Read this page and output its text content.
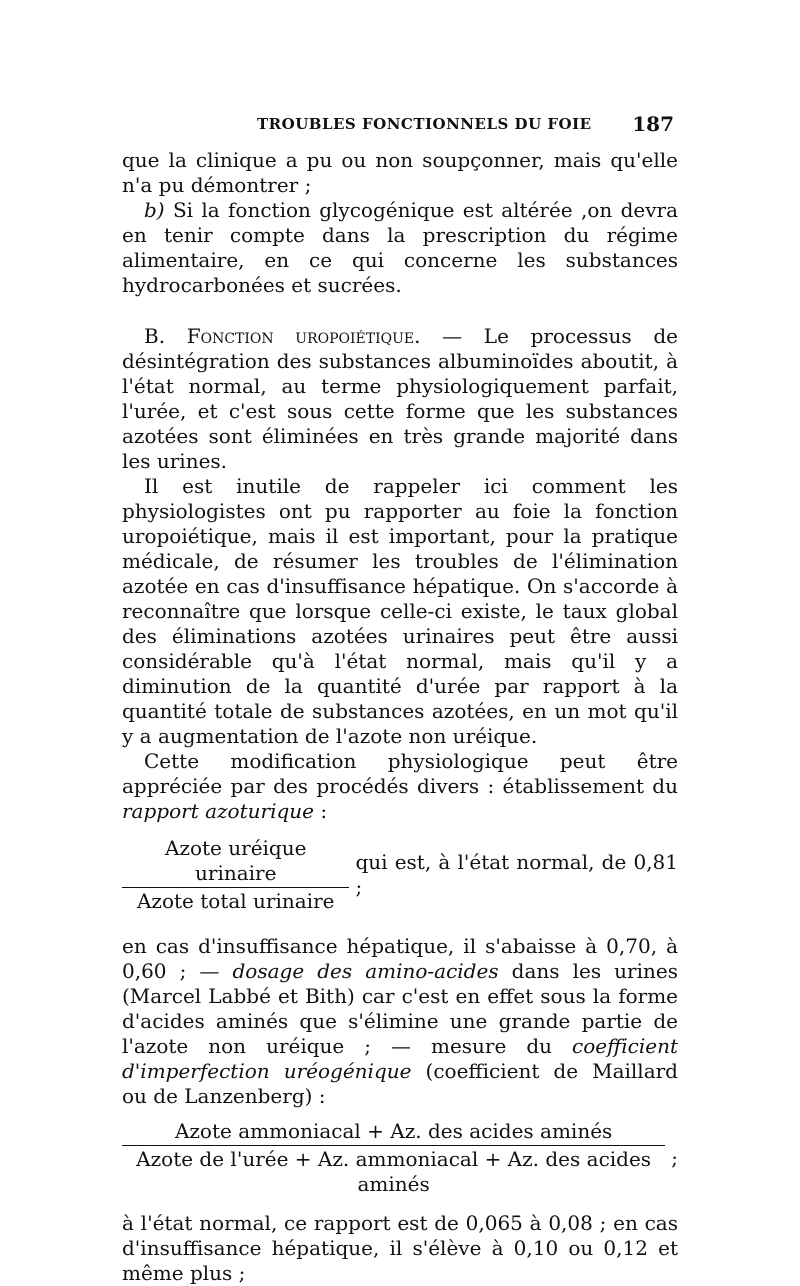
TROUBLES FONCTIONNELS DU FOIE 187

que la clinique a pu ou non soupçonner, mais qu'elle n'a pu démontrer ;

b) Si la fonction glycogénique est altérée ,on devra en tenir compte dans la prescription du régime alimentaire, en ce qui concerne les substances hydrocarbonées et sucrées.

B. Fonction uropoiétique. — Le processus de désintégration des substances albuminoïdes aboutit, à l'état normal, au terme physiologiquement parfait, l'urée, et c'est sous cette forme que les substances azotées sont éliminées en très grande majorité dans les urines.

Il est inutile de rappeler ici comment les physiologistes ont pu rapporter au foie la fonction uropoiétique, mais il est important, pour la pratique médicale, de résumer les troubles de l'élimination azotée en cas d'insuffisance hépatique. On s'accorde à reconnaître que lorsque celle-ci existe, le taux global des éliminations azotées urinaires peut être aussi considérable qu'à l'état normal, mais qu'il y a diminution de la quantité d'urée par rapport à la quantité totale de substances azotées, en un mot qu'il y a augmentation de l'azote non uréique.

Cette modification physiologique peut être appréciée par des procédés divers : établissement du rapport azoturique :

$\frac{\text{Azote uréique urinaire}}{\text{Azote total urinaire}}$ qui est, à l'état normal, de 0,81 ;

en cas d'insuffisance hépatique, il s'abaisse à 0,70, à 0,60 ; — dosage des amino-acides dans les urines (Marcel Labbé et Bith) car c'est en effet sous la forme d'acides aminés que s'élimine une grande partie de l'azote non uréique ; — mesure du coefficient d'imperfection uréogénique (coefficient de Maillard ou de Lanzenberg) :

$\frac{\text{Azote ammoniacal + Az. des acides aminés}}{\text{Azote de l'urée + Az. ammoniacal + Az. des acides aminés}}$ ;

à l'état normal, ce rapport est de 0,065 à 0,08 ; en cas d'insuffisance hépatique, il s'élève à 0,10 ou 0,12 et même plus ;
